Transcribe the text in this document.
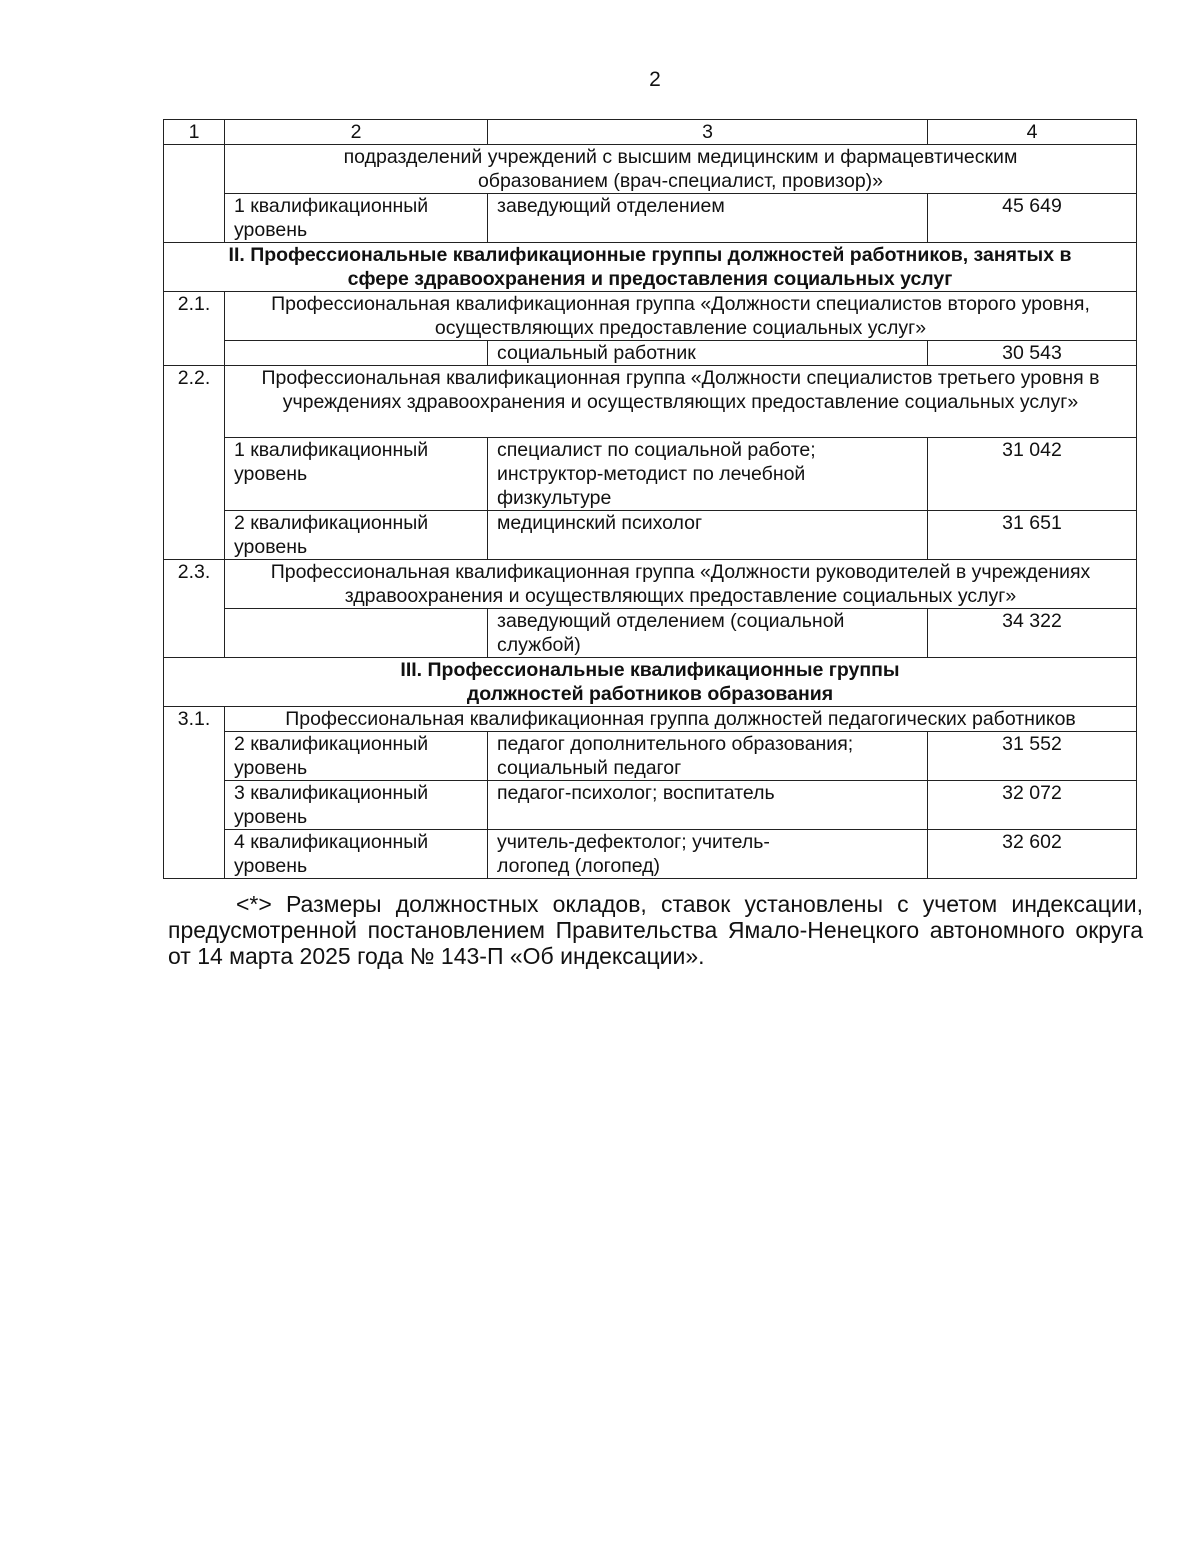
2
1	2	3	4
	подразделений учреждений с высшим медицинским и фармацевтическим образованием (врач-специалист, провизор)»		
	1 квалификационный уровень	заведующий отделением	45 649
II. Профессиональные квалификационные группы должностей работников, занятых в сфере здравоохранения и предоставления социальных услуг			
2.1.	Профессиональная квалификационная группа «Должности специалистов второго уровня, осуществляющих предоставление социальных услуг»		
		социальный работник	30 543
2.2.	Профессиональная квалификационная группа «Должности специалистов третьего уровня в учреждениях здравоохранения и осуществляющих предоставление социальных услуг»		
	1 квалификационный уровень	специалист по социальной работе; инструктор-методист по лечебной физкультуре	31 042
	2 квалификационный уровень	медицинский психолог	31 651
2.3.	Профессиональная квалификационная группа «Должности руководителей в учреждениях здравоохранения и осуществляющих предоставление социальных услуг»		
		заведующий отделением (социальной службой)	34 322
III. Профессиональные квалификационные группы должностей работников образования			
3.1.	Профессиональная квалификационная группа должностей педагогических работников		
	2 квалификационный уровень	педагог дополнительного образования; социальный педагог	31 552
	3 квалификационный уровень	педагог-психолог; воспитатель	32 072
	4 квалификационный уровень	учитель-дефектолог; учитель-логопед (логопед)	32 602
<*> Размеры должностных окладов, ставок установлены с учетом индексации, предусмотренной постановлением Правительства Ямало-Ненецкого автономного округа от 14 марта 2025 года № 143-П «Об индексации».
